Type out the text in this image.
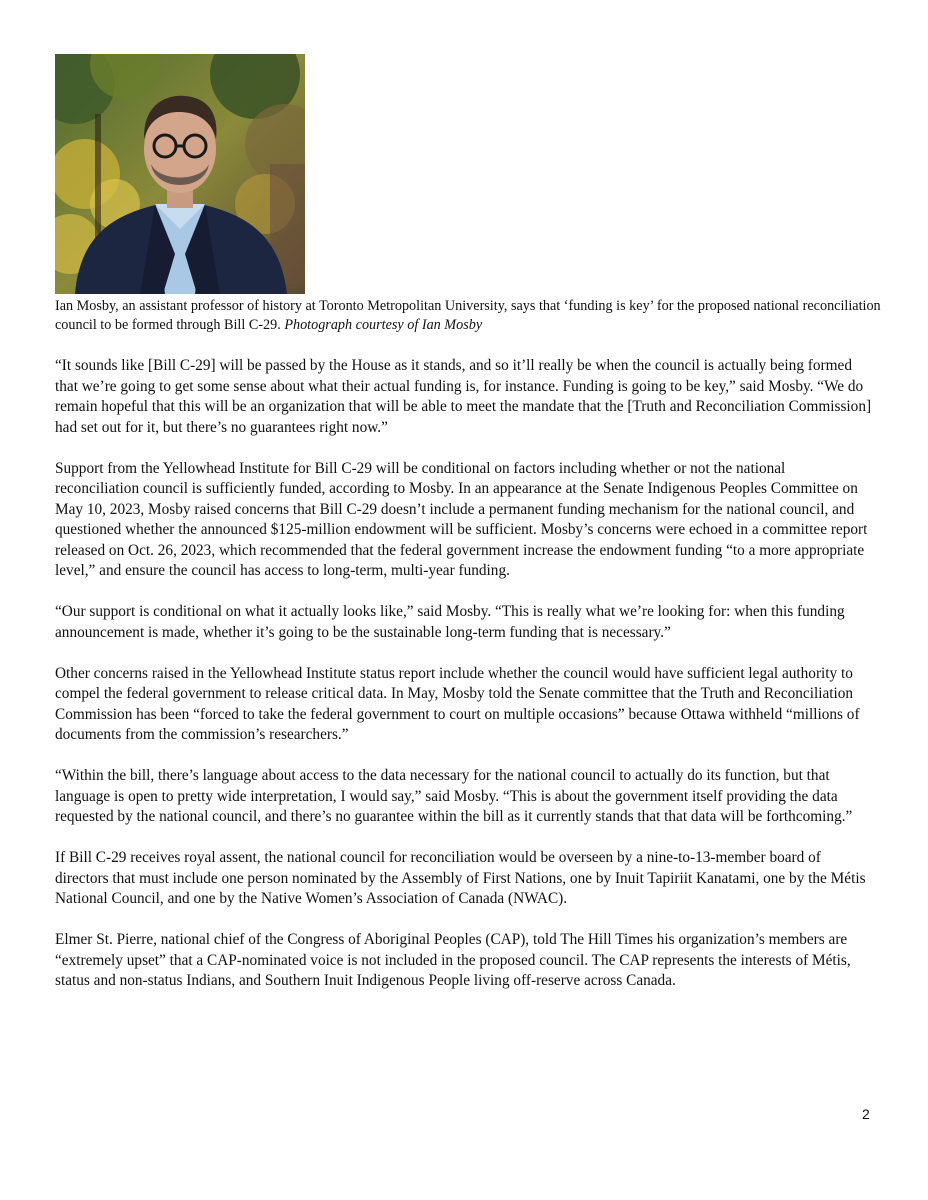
Ian Mosby, an assistant professor of history at Toronto Metropolitan University, says that ‘funding is key’ for the proposed national reconciliation council to be formed through Bill C-29. Photograph courtesy of Ian Mosby

“It sounds like [Bill C-29] will be passed by the House as it stands, and so it’ll really be when the council is actually being formed that we’re going to get some sense about what their actual funding is, for instance. Funding is going to be key,” said Mosby. “We do remain hopeful that this will be an organization that will be able to meet the mandate that the [Truth and Reconciliation Commission] had set out for it, but there’s no guarantees right now.”

Support from the Yellowhead Institute for Bill C-29 will be conditional on factors including whether or not the national reconciliation council is sufficiently funded, according to Mosby. In an appearance at the Senate Indigenous Peoples Committee on May 10, 2023, Mosby raised concerns that Bill C-29 doesn’t include a permanent funding mechanism for the national council, and questioned whether the announced $125-million endowment will be sufficient. Mosby’s concerns were echoed in a committee report released on Oct. 26, 2023, which recommended that the federal government increase the endowment funding “to a more appropriate level,” and ensure the council has access to long-term, multi-year funding.

“Our support is conditional on what it actually looks like,” said Mosby. “This is really what we’re looking for: when this funding announcement is made, whether it’s going to be the sustainable long-term funding that is necessary.”

Other concerns raised in the Yellowhead Institute status report include whether the council would have sufficient legal authority to compel the federal government to release critical data. In May, Mosby told the Senate committee that the Truth and Reconciliation Commission has been “forced to take the federal government to court on multiple occasions” because Ottawa withheld “millions of documents from the commission’s researchers.”

“Within the bill, there’s language about access to the data necessary for the national council to actually do its function, but that language is open to pretty wide interpretation, I would say,” said Mosby. “This is about the government itself providing the data requested by the national council, and there’s no guarantee within the bill as it currently stands that that data will be forthcoming.”

If Bill C-29 receives royal assent, the national council for reconciliation would be overseen by a nine-to-13-member board of directors that must include one person nominated by the Assembly of First Nations, one by Inuit Tapiriit Kanatami, one by the Métis National Council, and one by the Native Women’s Association of Canada (NWAC).

Elmer St. Pierre, national chief of the Congress of Aboriginal Peoples (CAP), told The Hill Times his organization’s members are “extremely upset” that a CAP-nominated voice is not included in the proposed council. The CAP represents the interests of Métis, status and non-status Indians, and Southern Inuit Indigenous People living off-reserve across Canada.

2
